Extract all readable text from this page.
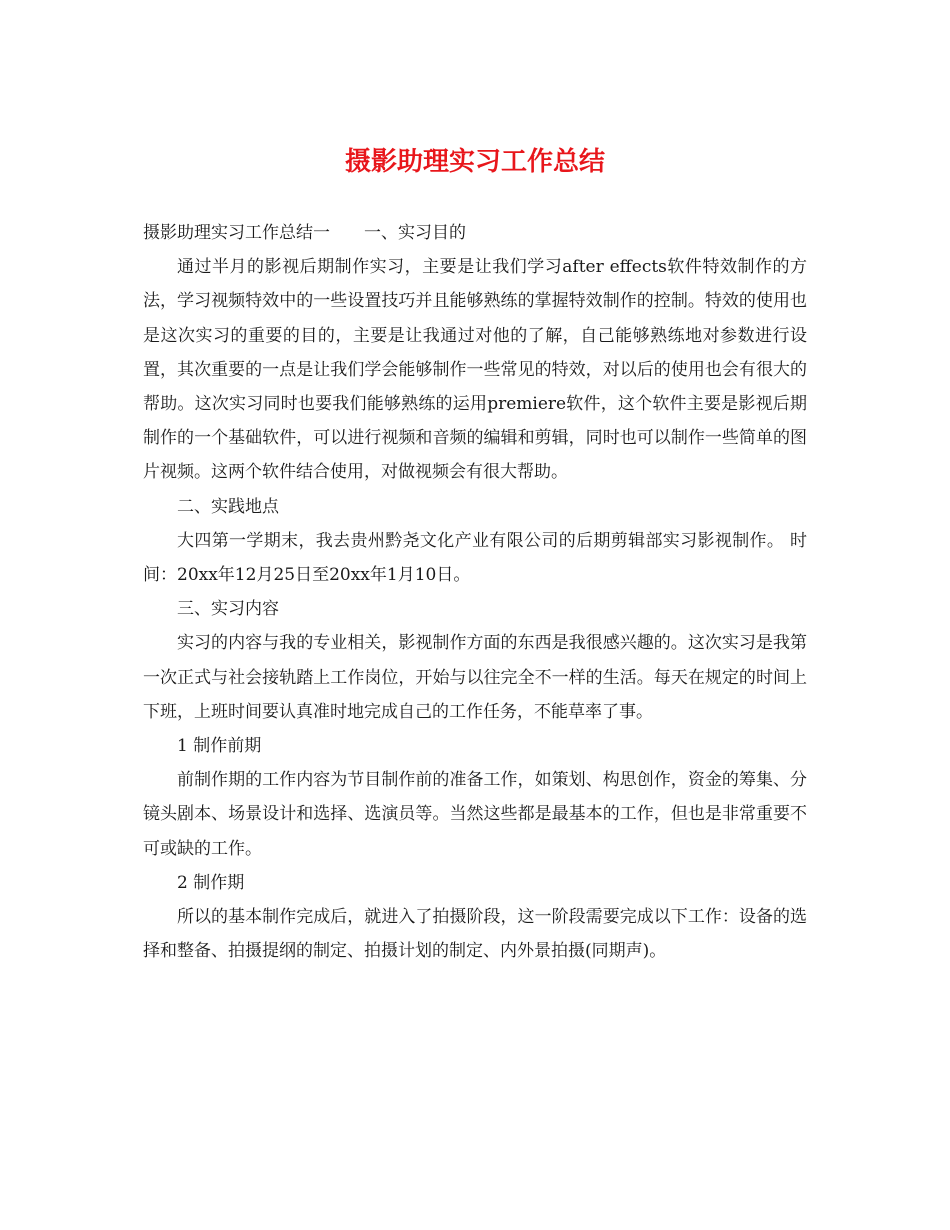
摄影助理实习工作总结

摄影助理实习工作总结一　　一、实习目的

通过半月的影视后期制作实习，主要是让我们学习after effects软件特效制作的方法，学习视频特效中的一些设置技巧并且能够熟练的掌握特效制作的控制。特效的使用也是这次实习的重要的目的，主要是让我通过对他的了解，自己能够熟练地对参数进行设置，其次重要的一点是让我们学会能够制作一些常见的特效，对以后的使用也会有很大的帮助。这次实习同时也要我们能够熟练的运用premiere软件，这个软件主要是影视后期制作的一个基础软件，可以进行视频和音频的编辑和剪辑，同时也可以制作一些简单的图片视频。这两个软件结合使用，对做视频会有很大帮助。

二、实践地点

大四第一学期末，我去贵州黔尧文化产业有限公司的后期剪辑部实习影视制作。 时间：20xx年12月25日至20xx年1月10日。

三、实习内容

实习的内容与我的专业相关，影视制作方面的东西是我很感兴趣的。这次实习是我第一次正式与社会接轨踏上工作岗位，开始与以往完全不一样的生活。每天在规定的时间上下班，上班时间要认真准时地完成自己的工作任务，不能草率了事。

1 制作前期

前制作期的工作内容为节目制作前的准备工作，如策划、构思创作，资金的筹集、分镜头剧本、场景设计和选择、选演员等。当然这些都是最基本的工作，但也是非常重要不可或缺的工作。

2 制作期

所以的基本制作完成后，就进入了拍摄阶段，这一阶段需要完成以下工作：设备的选择和整备、拍摄提纲的制定、拍摄计划的制定、内外景拍摄(同期声)。
